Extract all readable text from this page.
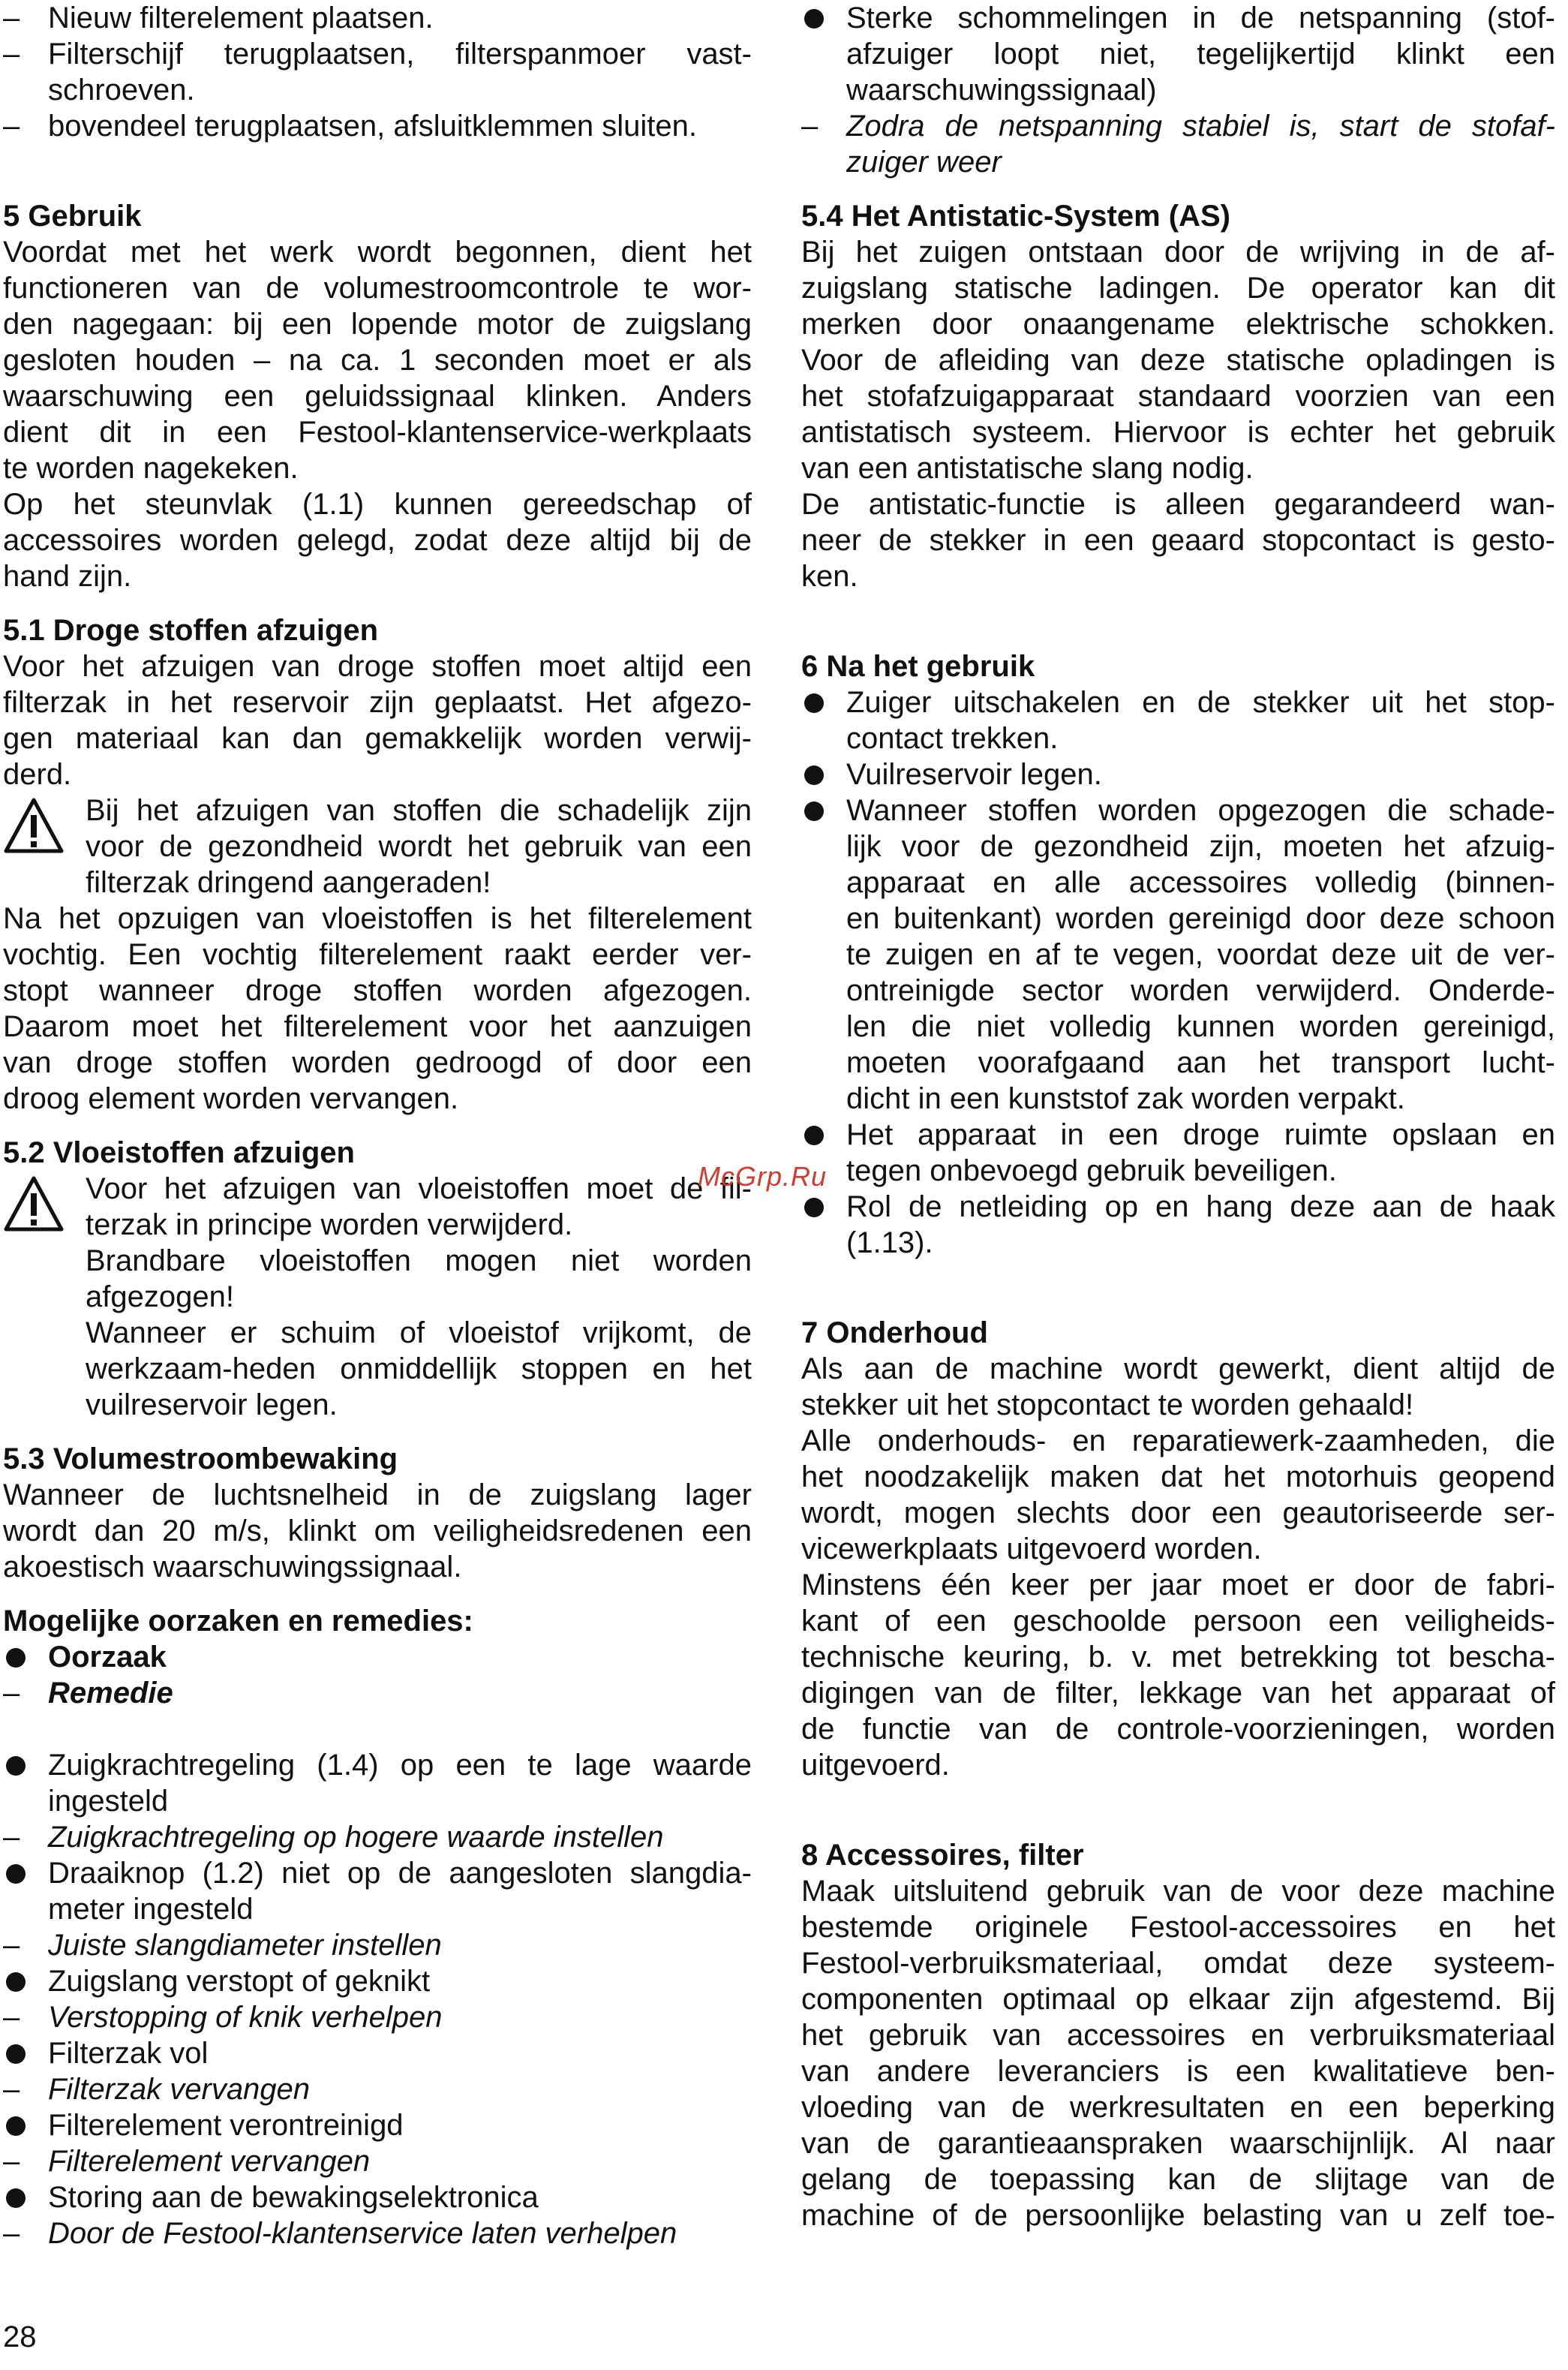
– Nieuw filterelement plaatsen.
– Filterschijf terugplaatsen, filterspanmoer vast-
schroeven.
– bovendeel terugplaatsen, afsluitklemmen sluiten.
5 Gebruik
Voordat met het werk wordt begonnen, dient het
functioneren van de volumestroomcontrole te wor-
den nagegaan: bij een lopende motor de zuigslang
gesloten houden – na ca. 1 seconden moet er als
waarschuwing een geluidssignaal klinken. Anders
dient dit in een Festool-klantenservice-werkplaats
te worden nagekeken.
Op het steunvlak (1.1) kunnen gereedschap of
accessoires worden gelegd, zodat deze altijd bij de
hand zijn.
5.1 Droge stoffen afzuigen
Voor het afzuigen van droge stoffen moet altijd een
filterzak in het reservoir zijn geplaatst. Het afgezo-
gen materiaal kan dan gemakkelijk worden verwij-
derd.
Bij het afzuigen van stoffen die schadelijk zijn
voor de gezondheid wordt het gebruik van een
filterzak dringend aangeraden!
Na het opzuigen van vloeistoffen is het filterelement
vochtig. Een vochtig filterelement raakt eerder ver-
stopt wanneer droge stoffen worden afgezogen.
Daarom moet het filterelement voor het aanzuigen
van droge stoffen worden gedroogd of door een
droog element worden vervangen.
5.2 Vloeistoffen afzuigen
Voor het afzuigen van vloeistoffen moet de fil-
terzak in principe worden verwijderd.
Brandbare vloeistoffen mogen niet worden
afgezogen!
Wanneer er schuim of vloeistof vrijkomt, de
werkzaam-heden onmiddellijk stoppen en het
vuilreservoir legen.
5.3 Volumestroombewaking
Wanneer de luchtsnelheid in de zuigslang lager
wordt dan 20 m/s, klinkt om veiligheidsredenen een
akoestisch waarschuwingssignaal.
Mogelijke oorzaken en remedies:
Oorzaak
– Remedie
Zuigkrachtregeling (1.4) op een te lage waarde
ingesteld
– Zuigkrachtregeling op hogere waarde instellen
Draaiknop (1.2) niet op de aangesloten slangdia-
meter ingesteld
– Juiste slangdiameter instellen
Zuigslang verstopt of geknikt
– Verstopping of knik verhelpen
Filterzak vol
– Filterzak vervangen
Filterelement verontreinigd
– Filterelement vervangen
Storing aan de bewakingselektronica
– Door de Festool-klantenservice laten verhelpen
Sterke schommelingen in de netspanning (stof-
afzuiger loopt niet, tegelijkertijd klinkt een
waarschuwingssignaal)
– Zodra de netspanning stabiel is, start de stofaf-
zuiger weer
5.4 Het Antistatic-System (AS)
Bij het zuigen ontstaan door de wrijving in de af-
zuigslang statische ladingen. De operator kan dit
merken door onaangename elektrische schokken.
Voor de afleiding van deze statische opladingen is
het stofafzuigapparaat standaard voorzien van een
antistatisch systeem. Hiervoor is echter het gebruik
van een antistatische slang nodig.
De antistatic-functie is alleen gegarandeerd wan-
neer de stekker in een geaard stopcontact is gesto-
ken.
6 Na het gebruik
Zuiger uitschakelen en de stekker uit het stop-
contact trekken.
Vuilreservoir legen.
Wanneer stoffen worden opgezogen die schade-
lijk voor de gezondheid zijn, moeten het afzuig-
apparaat en alle accessoires volledig (binnen-
en buitenkant) worden gereinigd door deze schoon
te zuigen en af te vegen, voordat deze uit de ver-
ontreinigde sector worden verwijderd. Onderde-
len die niet volledig kunnen worden gereinigd,
moeten voorafgaand aan het transport lucht-
dicht in een kunststof zak worden verpakt.
Het apparaat in een droge ruimte opslaan en
tegen onbevoegd gebruik beveiligen.
Rol de netleiding op en hang deze aan de haak
(1.13).
7 Onderhoud
Als aan de machine wordt gewerkt, dient altijd de
stekker uit het stopcontact te worden gehaald!
Alle onderhouds- en reparatiewerk-zaamheden, die
het noodzakelijk maken dat het motorhuis geopend
wordt, mogen slechts door een geautoriseerde ser-
vicewerkplaats uitgevoerd worden.
Minstens één keer per jaar moet er door de fabri-
kant of een geschoolde persoon een veiligheids-
technische keuring, b. v. met betrekking tot bescha-
digingen van de filter, lekkage van het apparaat of
de functie van de controle-voorzieningen, worden
uitgevoerd.
8 Accessoires, filter
Maak uitsluitend gebruik van de voor deze machine
bestemde originele Festool-accessoires en het
Festool-verbruiksmateriaal, omdat deze systeem-
componenten optimaal op elkaar zijn afgestemd. Bij
het gebruik van accessoires en verbruiksmateriaal
van andere leveranciers is een kwalitatieve ben-
vloeding van de werkresultaten en een beperking
van de garantieaanspraken waarschijnlijk. Al naar
gelang de toepassing kan de slijtage van de
machine of de persoonlijke belasting van u zelf toe-
McGrp.Ru
28
